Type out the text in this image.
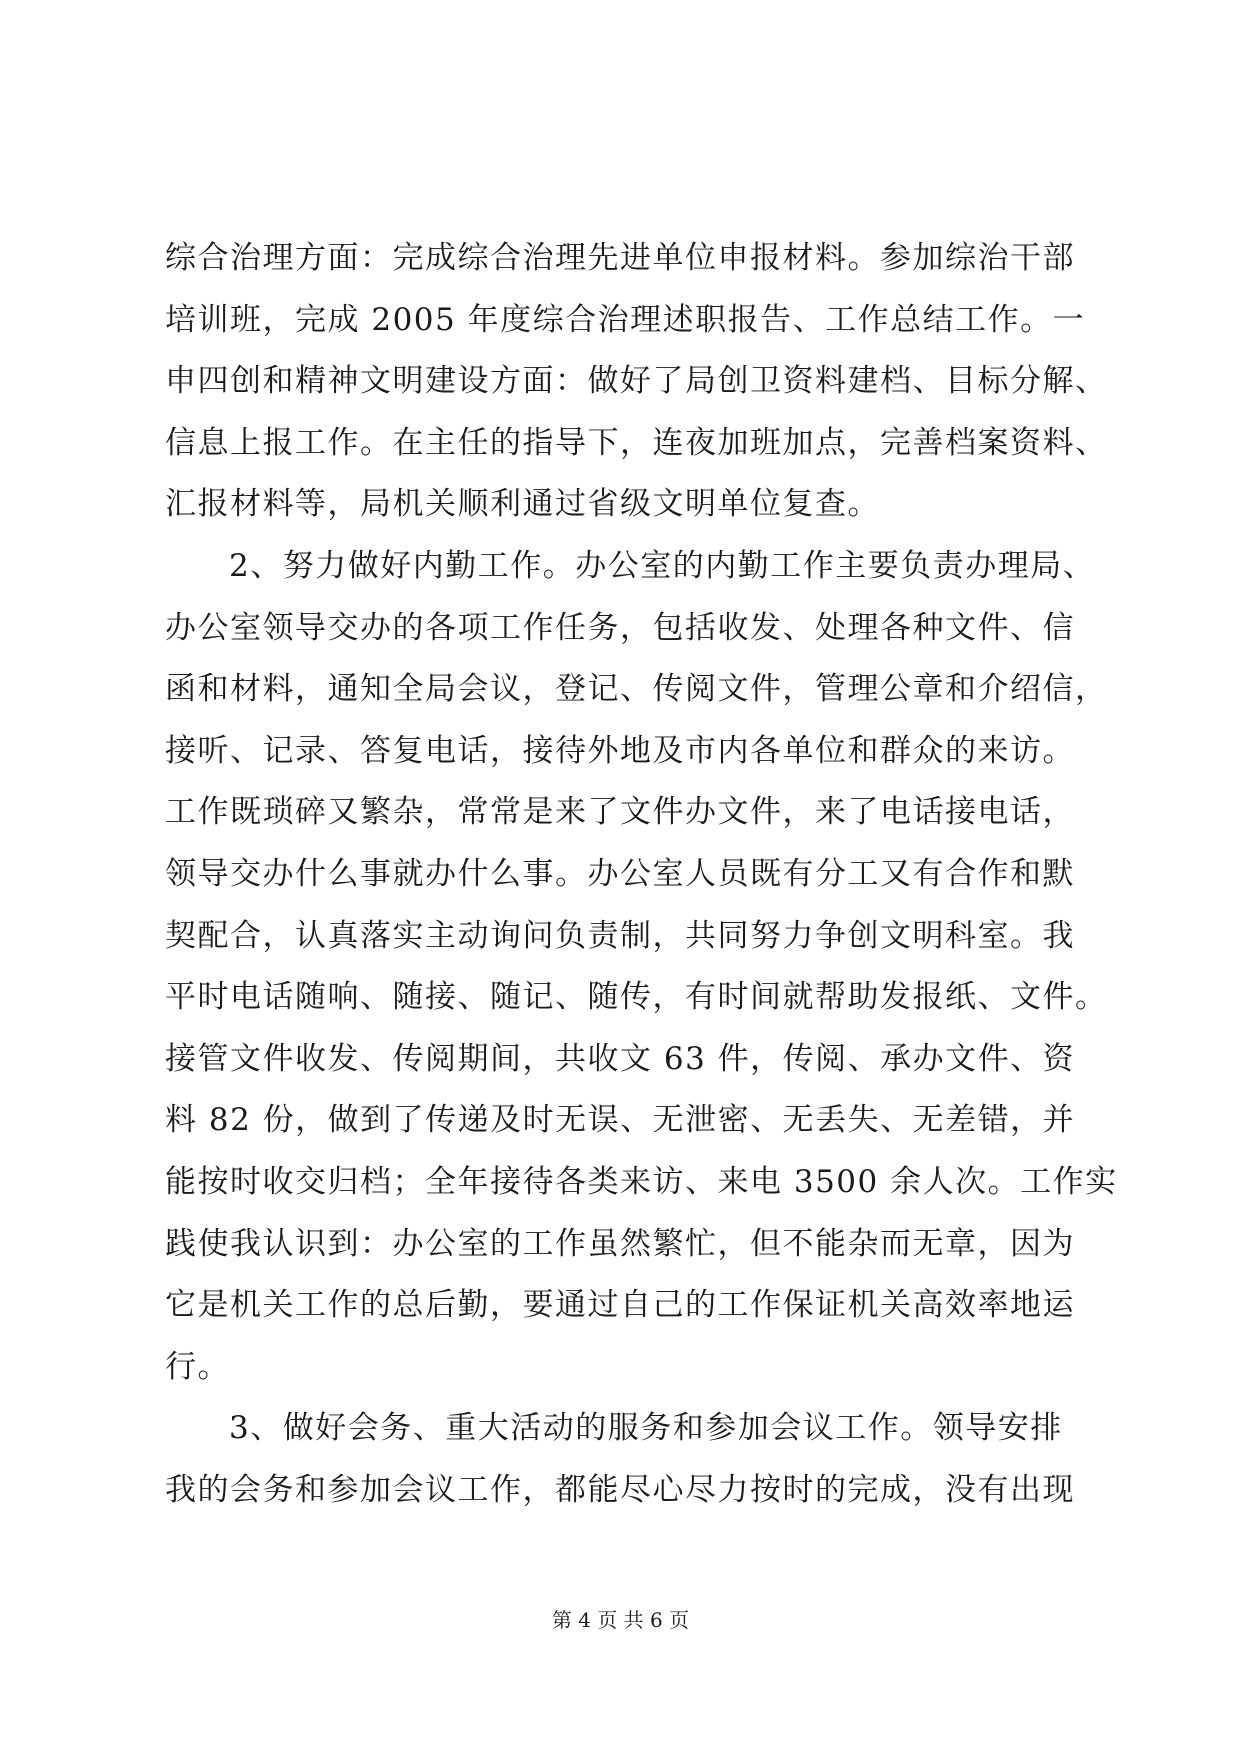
综合治理方面：完成综合治理先进单位申报材料。参加综治干部
培训班，完成 2005 年度综合治理述职报告、工作总结工作。一
申四创和精神文明建设方面：做好了局创卫资料建档、目标分解、
信息上报工作。在主任的指导下，连夜加班加点，完善档案资料、
汇报材料等，局机关顺利通过省级文明单位复查。
2、努力做好内勤工作。办公室的内勤工作主要负责办理局、
办公室领导交办的各项工作任务，包括收发、处理各种文件、信
函和材料，通知全局会议，登记、传阅文件，管理公章和介绍信，
接听、记录、答复电话，接待外地及市内各单位和群众的来访。
工作既琐碎又繁杂，常常是来了文件办文件，来了电话接电话，
领导交办什么事就办什么事。办公室人员既有分工又有合作和默
契配合，认真落实主动询问负责制，共同努力争创文明科室。我
平时电话随响、随接、随记、随传，有时间就帮助发报纸、文件。
接管文件收发、传阅期间，共收文 63 件，传阅、承办文件、资
料 82 份，做到了传递及时无误、无泄密、无丢失、无差错，并
能按时收交归档；全年接待各类来访、来电 3500 余人次。工作实
践使我认识到：办公室的工作虽然繁忙，但不能杂而无章，因为
它是机关工作的总后勤，要通过自己的工作保证机关高效率地运
行。
3、做好会务、重大活动的服务和参加会议工作。领导安排
我的会务和参加会议工作，都能尽心尽力按时的完成，没有出现
第 4 页 共 6 页
